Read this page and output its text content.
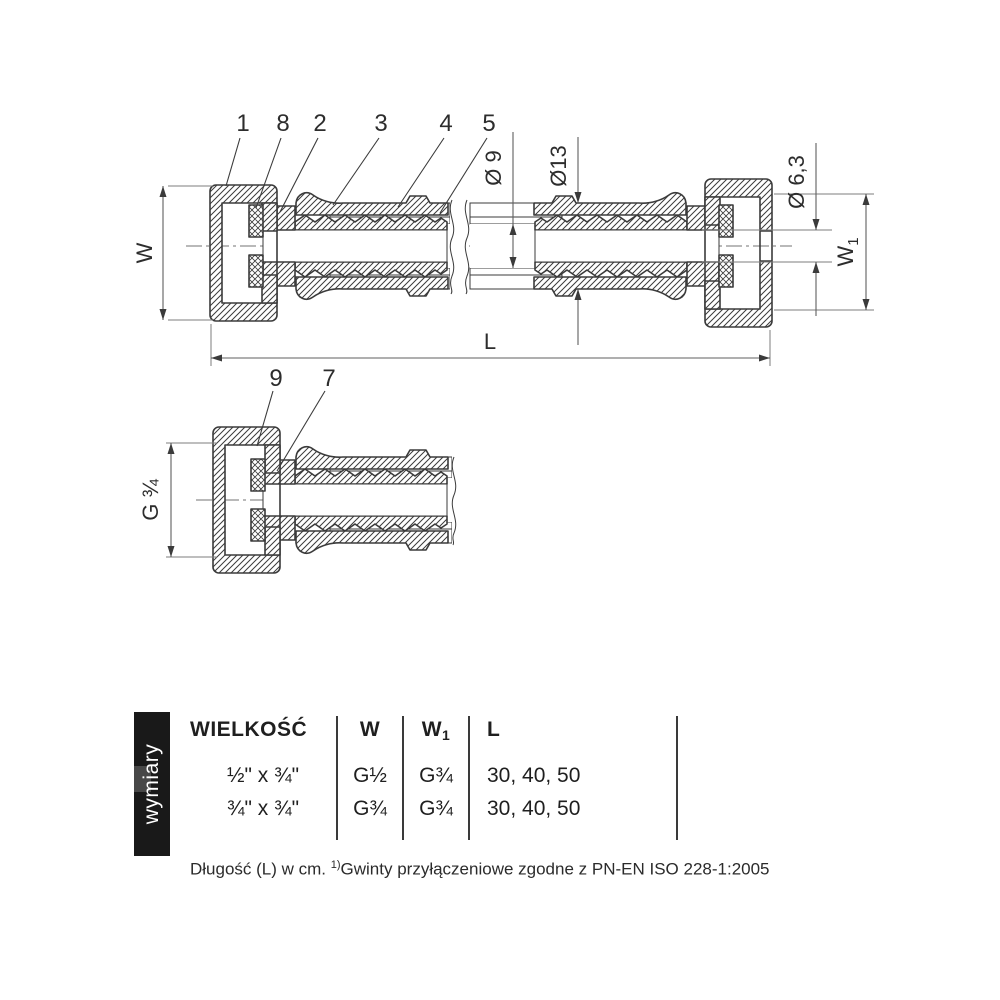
W	$W_1$
L
Ø 9 Ø13	Ø 6,3
1 8 2 3 4 5
G ¾
9 7
wymiary
WIELKOŚĆ	W	W1	L
½" x ¾"	G½	G¾	30, 40, 50
¾" x ¾"	G¾	G¾	30, 40, 50
Długość (L) w cm. $^{1)}$Gwinty przyłączeniowe zgodne z PN-EN ISO 228-1:2005
